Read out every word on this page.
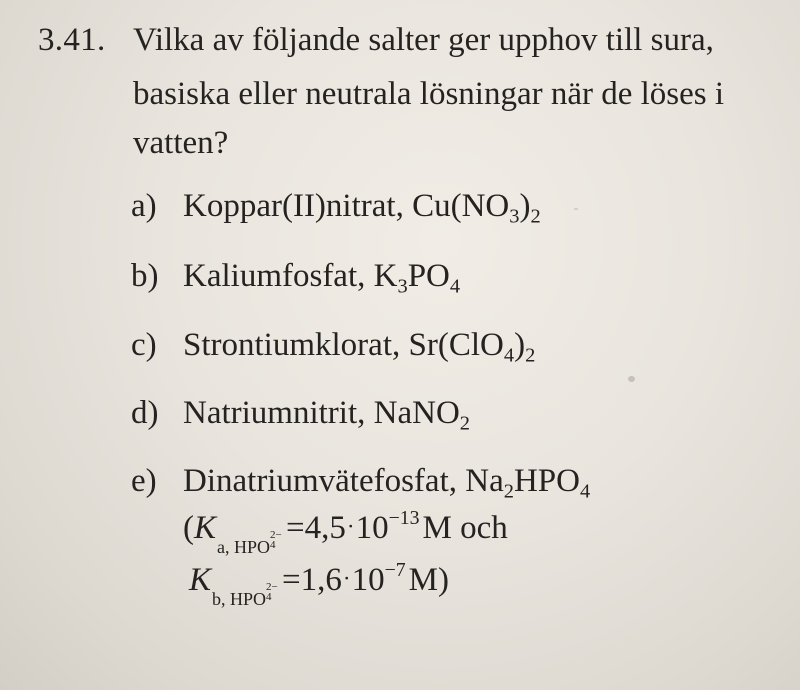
3.41. Vilka av följande salter ger upphov till sura,
basiska eller neutrala lösningar när de löses i
vatten?
a) Koppar(II)nitrat, $Cu(NO_3)_2$
b) Kaliumfosfat, $K_3PO_4$
c) Strontiumklorat, $Sr(ClO_4)_2$
d) Natriumnitrit, NaNO$_2$
e) Dinatriumvätefosfat, $Na_2HPO_4$
(Ka, HPO
2−
$4 =4,5\cdot 10^{-13}M$ och
Kb, HPO
2−
$4 =1,6\cdot 10^{-7}M$)
